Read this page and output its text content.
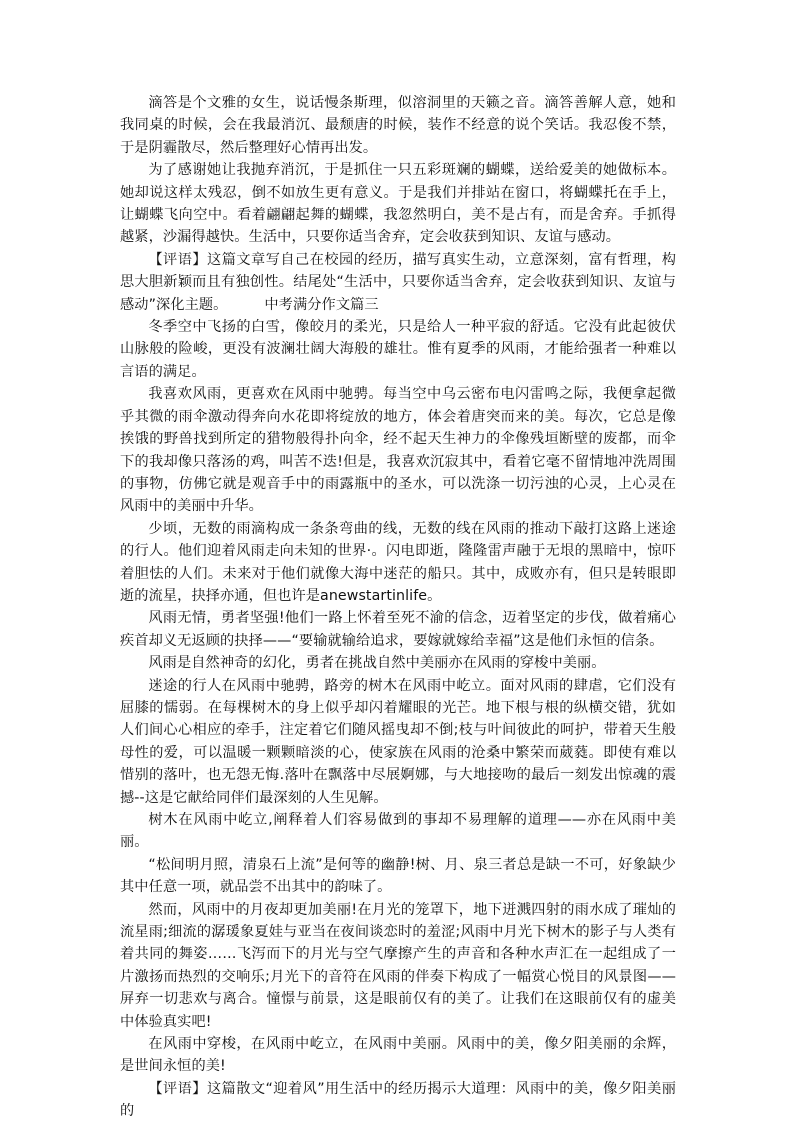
滴答是个文雅的女生，说话慢条斯理，似溶洞里的天籁之音。滴答善解人意，她和我同桌的时候，会在我最消沉、最颓唐的时候，装作不经意的说个笑话。我忍俊不禁，于是阴霾散尽，然后整理好心情再出发。

为了感谢她让我抛弃消沉，于是抓住一只五彩斑斓的蝴蝶，送给爱美的她做标本。她却说这样太残忍，倒不如放生更有意义。于是我们并排站在窗口，将蝴蝶托在手上，让蝴蝶飞向空中。看着翩翩起舞的蝴蝶，我忽然明白，美不是占有，而是舍弃。手抓得越紧，沙漏得越快。生活中，只要你适当舍弃，定会收获到知识、友谊与感动。

【评语】这篇文章写自己在校园的经历，描写真实生动，立意深刻，富有哲理，构思大胆新颖而且有独创性。结尾处“生活中，只要你适当舍弃，定会收获到知识、友谊与感动”深化主题。	中考满分作文篇三

冬季空中飞扬的白雪，像皎月的柔光，只是给人一种平寂的舒适。它没有此起彼伏山脉般的险峻，更没有波澜壮阔大海般的雄壮。惟有夏季的风雨，才能给强者一种难以言语的满足。

我喜欢风雨，更喜欢在风雨中驰骋。每当空中乌云密布电闪雷鸣之际，我便拿起微乎其微的雨伞激动得奔向水花即将绽放的地方，体会着唐突而来的美。每次，它总是像挨饿的野兽找到所定的猎物般得扑向伞，经不起天生神力的伞像残垣断壁的废都，而伞下的我却像只落汤的鸡，叫苦不迭!但是，我喜欢沉寂其中，看着它毫不留情地冲洗周围的事物，仿佛它就是观音手中的雨露瓶中的圣水，可以洗涤一切污浊的心灵，上心灵在风雨中的美丽中升华。

少顷，无数的雨滴构成一条条弯曲的线，无数的线在风雨的推动下敲打这路上迷途的行人。他们迎着风雨走向未知的世界·。闪电即逝，隆隆雷声融于无垠的黑暗中，惊吓着胆怯的人们。未来对于他们就像大海中迷茫的船只。其中，成败亦有，但只是转眼即逝的流星，抉择亦通，但也许是anewstartinlife。

风雨无情，勇者坚强!他们一路上怀着至死不渝的信念，迈着坚定的步伐，做着痛心疾首却义无返顾的抉择——“要输就输给追求，要嫁就嫁给幸福”这是他们永恒的信条。

风雨是自然神奇的幻化，勇者在挑战自然中美丽亦在风雨的穿梭中美丽。

迷途的行人在风雨中驰骋，路旁的树木在风雨中屹立。面对风雨的肆虐，它们没有屈膝的懦弱。在每棵树木的身上似乎却闪着耀眼的光芒。地下根与根的纵横交错，犹如人们间心心相应的牵手，注定着它们随风摇曳却不倒;枝与叶间彼此的呵护，带着天生般母性的爱，可以温暖一颗颗暗淡的心，使家族在风雨的沧桑中繁荣而葳蕤。即使有难以惜别的落叶，也无怨无悔.落叶在飘落中尽展婀娜，与大地接吻的最后一刻发出惊魂的震撼--这是它献给同伴们最深刻的人生见解。

树木在风雨中屹立,阐释着人们容易做到的事却不易理解的道理——亦在风雨中美丽。

“松间明月照，清泉石上流”是何等的幽静!树、月、泉三者总是缺一不可，好象缺少其中任意一项，就品尝不出其中的韵味了。

然而，风雨中的月夜却更加美丽!在月光的笼罩下，地下迸溅四射的雨水成了璀灿的流星雨;细流的潺瑗象夏娃与亚当在夜间谈恋时的羞涩;风雨中月光下树木的影子与人类有着共同的舞姿……飞泻而下的月光与空气摩擦产生的声音和各种水声汇在一起组成了一片激扬而热烈的交响乐;月光下的音符在风雨的伴奏下构成了一幅赏心悦目的风景图——屏弃一切悲欢与离合。憧憬与前景，这是眼前仅有的美了。让我们在这眼前仅有的虚美中体验真实吧!

在风雨中穿梭，在风雨中屹立，在风雨中美丽。风雨中的美，像夕阳美丽的余辉，是世间永恒的美!

【评语】这篇散文“迎着风”用生活中的经历揭示大道理：风雨中的美，像夕阳美丽的
